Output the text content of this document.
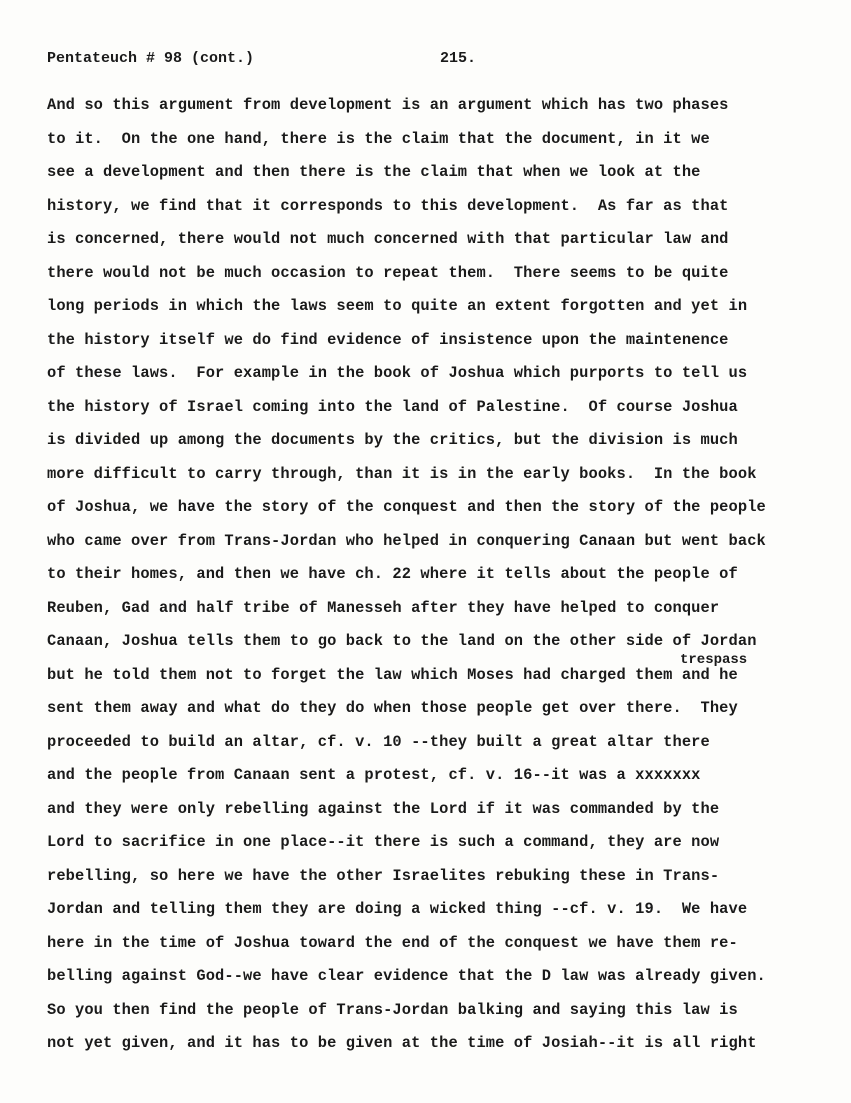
Pentateuch # 98 (cont.)	215.
trespass
And so this argument from development is an argument which has two phases
to it.  On the one hand, there is the claim that the document, in it we
see a development and then there is the claim that when we look at the
history, we find that it corresponds to this development.  As far as that
is concerned, there would not much concerned with that particular law and
there would not be much occasion to repeat them.  There seems to be quite
long periods in which the laws seem to quite an extent forgotten and yet in
the history itself we do find evidence of insistence upon the maintenence
of these laws.  For example in the book of Joshua which purports to tell us
the history of Israel coming into the land of Palestine.  Of course Joshua
is divided up among the documents by the critics, but the division is much
more difficult to carry through, than it is in the early books.  In the book
of Joshua, we have the story of the conquest and then the story of the people
who came over from Trans-Jordan who helped in conquering Canaan but went back
to their homes, and then we have ch. 22 where it tells about the people of
Reuben, Gad and half tribe of Manesseh after they have helped to conquer
Canaan, Joshua tells them to go back to the land on the other side of Jordan
but he told them not to forget the law which Moses had charged them and he
sent them away and what do they do when those people get over there.  They
proceeded to build an altar, cf. v. 10 --they built a great altar there
and the people from Canaan sent a protest, cf. v. 16--it was a xxxxxxx
and they were only rebelling against the Lord if it was commanded by the
Lord to sacrifice in one place--it there is such a command, they are now
rebelling, so here we have the other Israelites rebuking these in Trans-
Jordan and telling them they are doing a wicked thing --cf. v. 19.  We have
here in the time of Joshua toward the end of the conquest we have them re-
belling against God--we have clear evidence that the D law was already given.
So you then find the people of Trans-Jordan balking and saying this law is
not yet given, and it has to be given at the time of Josiah--it is all right
